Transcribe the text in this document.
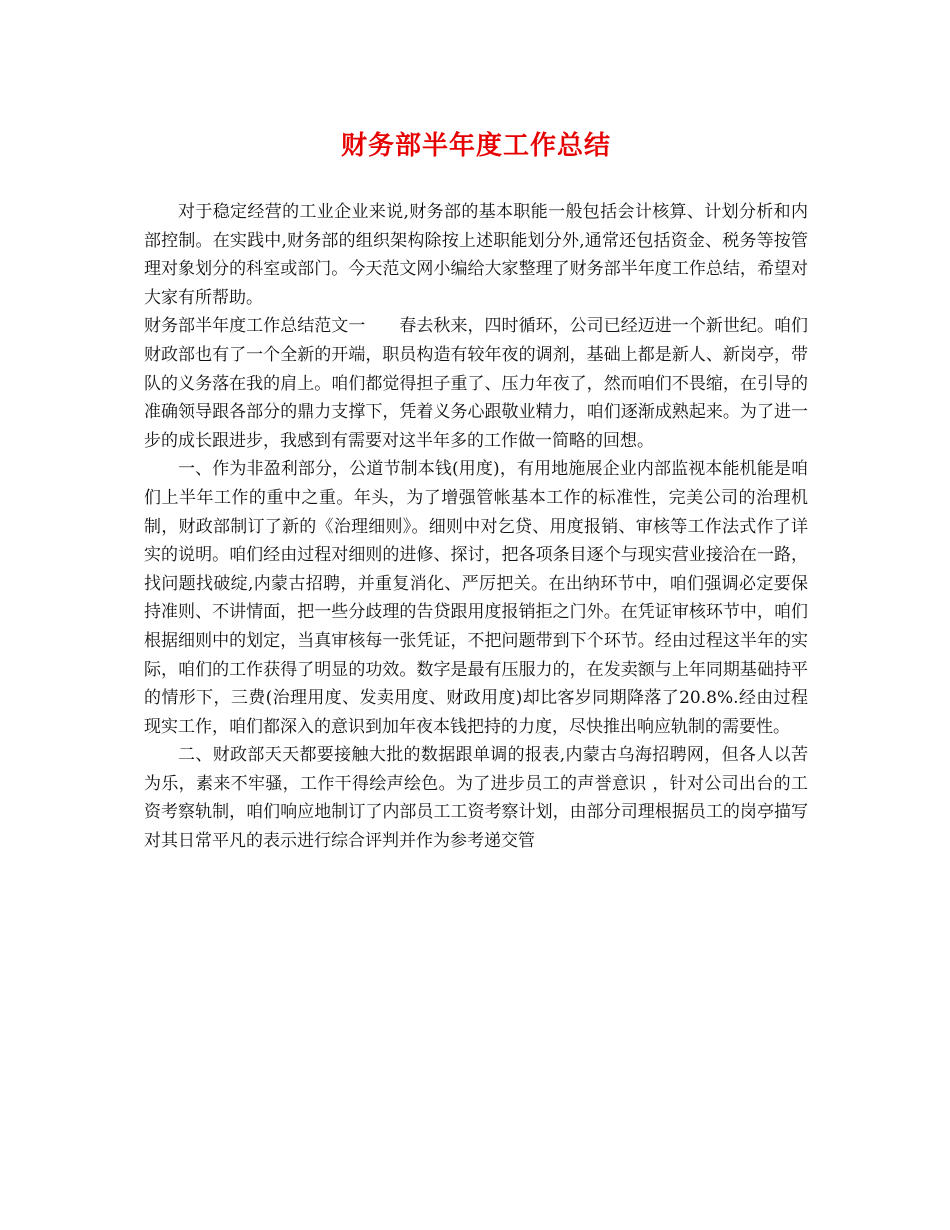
财务部半年度工作总结

对于稳定经营的工业企业来说,财务部的基本职能一般包括会计核算、计划分析和内部控制。在实践中,财务部的组织架构除按上述职能划分外,通常还包括资金、税务等按管理对象划分的科室或部门。今天范文网小编给大家整理了财务部半年度工作总结，希望对大家有所帮助。

财务部半年度工作总结范文一　　春去秋来，四时循环，公司已经迈进一个新世纪。咱们财政部也有了一个全新的开端，职员构造有较年夜的调剂，基础上都是新人、新岗亭，带队的义务落在我的肩上。咱们都觉得担子重了、压力年夜了，然而咱们不畏缩，在引导的准确领导跟各部分的鼎力支撑下，凭着义务心跟敬业精力，咱们逐渐成熟起来。为了进一步的成长跟进步，我感到有需要对这半年多的工作做一简略的回想。

一、作为非盈利部分，公道节制本钱(用度)，有用地施展企业内部监视本能机能是咱们上半年工作的重中之重。年头，为了增强管帐基本工作的标准性，完美公司的治理机制，财政部制订了新的《治理细则》。细则中对乞贷、用度报销、审核等工作法式作了详实的说明。咱们经由过程对细则的进修、探讨，把各项条目逐个与现实营业接洽在一路，找问题找破绽,内蒙古招聘，并重复消化、严厉把关。在出纳环节中，咱们强调必定要保持准则、不讲情面，把一些分歧理的告贷跟用度报销拒之门外。在凭证审核环节中，咱们根据细则中的划定，当真审核每一张凭证，不把问题带到下个环节。经由过程这半年的实际，咱们的工作获得了明显的功效。数字是最有压服力的，在发卖额与上年同期基础持平的情形下，三费(治理用度、发卖用度、财政用度)却比客岁同期降落了20.8%.经由过程现实工作，咱们都深入的意识到加年夜本钱把持的力度，尽快推出响应轨制的需要性。

二、财政部天天都要接触大批的数据跟单调的报表,内蒙古乌海招聘网，但各人以苦为乐，素来不牢骚，工作干得绘声绘色。为了进步员工的声誉意识 ，针对公司出台的工资考察轨制，咱们响应地制订了内部员工工资考察计划，由部分司理根据员工的岗亭描写对其日常平凡的表示进行综合评判并作为参考递交管
